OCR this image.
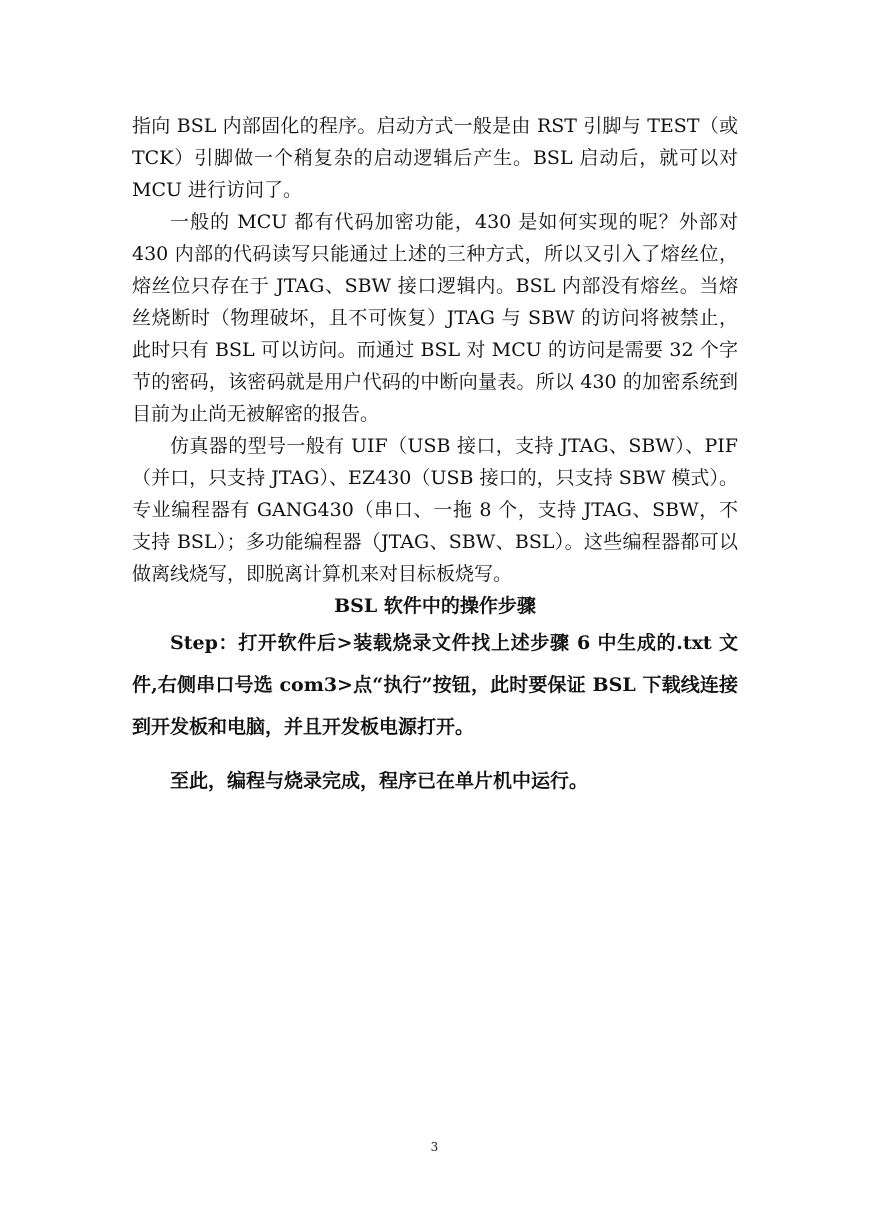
指向 BSL 内部固化的程序。启动方式一般是由 RST 引脚与 TEST（或 TCK）引脚做一个稍复杂的启动逻辑后产生。BSL 启动后，就可以对 MCU 进行访问了。

一般的 MCU 都有代码加密功能，430 是如何实现的呢？外部对 430 内部的代码读写只能通过上述的三种方式，所以又引入了熔丝位，熔丝位只存在于 JTAG、SBW 接口逻辑内。BSL 内部没有熔丝。当熔丝烧断时（物理破坏，且不可恢复）JTAG 与 SBW 的访问将被禁止，此时只有 BSL 可以访问。而通过 BSL 对 MCU 的访问是需要 32 个字节的密码，该密码就是用户代码的中断向量表。所以 430 的加密系统到目前为止尚无被解密的报告。

仿真器的型号一般有 UIF（USB 接口，支持 JTAG、SBW）、PIF（并口，只支持 JTAG）、EZ430（USB 接口的，只支持 SBW 模式）。专业编程器有 GANG430（串口、一拖 8 个，支持 JTAG、SBW，不支持 BSL）；多功能编程器（JTAG、SBW、BSL）。这些编程器都可以做离线烧写，即脱离计算机来对目标板烧写。

BSL 软件中的操作步骤

Step：打开软件后>装载烧录文件找上述步骤 6 中生成的.txt 文件,右侧串口号选 com3>点“执行”按钮，此时要保证 BSL 下载线连接到开发板和电脑，并且开发板电源打开。

至此，编程与烧录完成，程序已在单片机中运行。

3
